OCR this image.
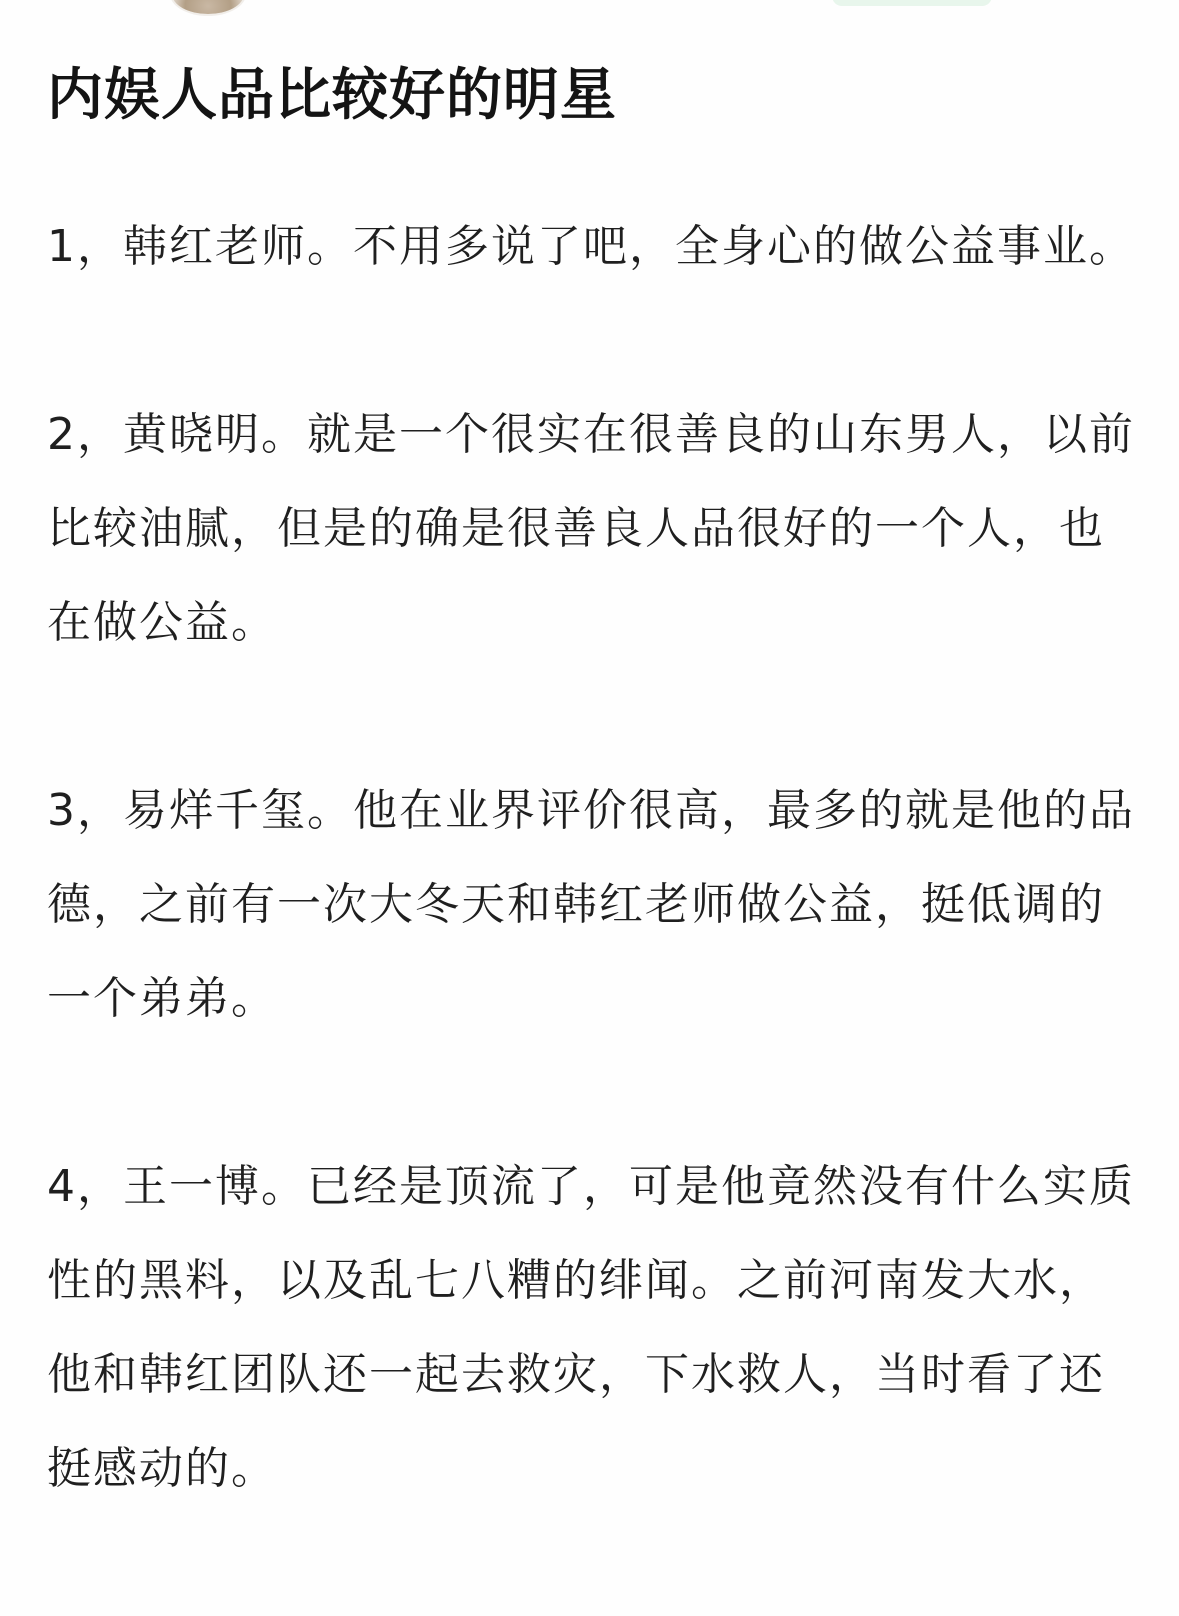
内娱人品比较好的明星

1，韩红老师。不用多说了吧，全身心的做公益事业。

2，黄晓明。就是一个很实在很善良的山东男人，以前比较油腻，但是的确是很善良人品很好的一个人，也在做公益。

3，易烊千玺。他在业界评价很高，最多的就是他的品德，之前有一次大冬天和韩红老师做公益，挺低调的一个弟弟。

4，王一博。已经是顶流了，可是他竟然没有什么实质性的黑料，以及乱七八糟的绯闻。之前河南发大水，他和韩红团队还一起去救灾，下水救人，当时看了还挺感动的。
